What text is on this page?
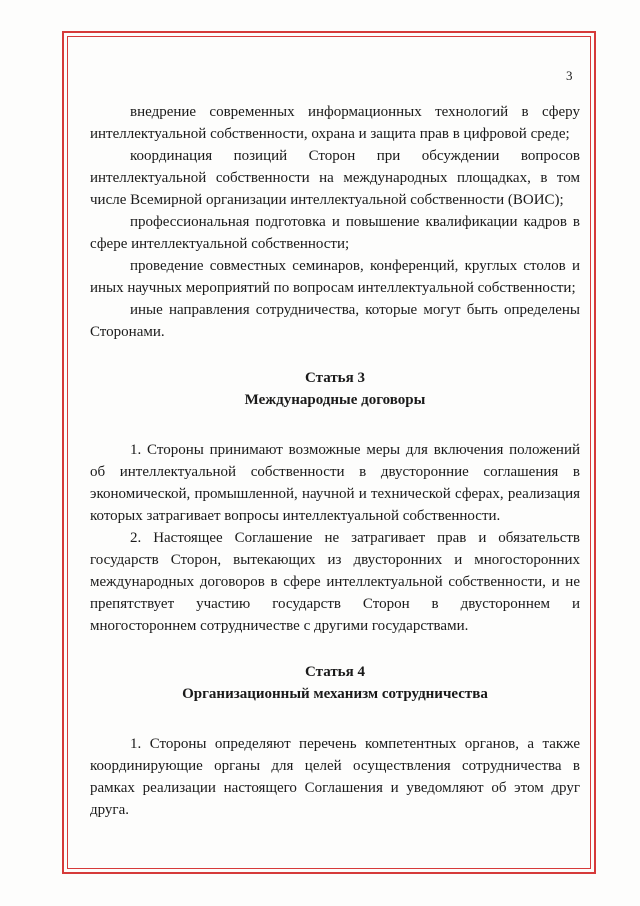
3

внедрение современных информационных технологий в сферу интеллектуальной собственности, охрана и защита прав в цифровой среде;

координация позиций Сторон при обсуждении вопросов интеллектуальной собственности на международных площадках, в том числе Всемирной организации интеллектуальной собственности (ВОИС);

профессиональная подготовка и повышение квалификации кадров в сфере интеллектуальной собственности;

проведение совместных семинаров, конференций, круглых столов и иных научных мероприятий по вопросам интеллектуальной собственности;

иные направления сотрудничества, которые могут быть определены Сторонами.

Статья 3

Международные договоры

1. Стороны принимают возможные меры для включения положений об интеллектуальной собственности в двусторонние соглашения в экономической, промышленной, научной и технической сферах, реализация которых затрагивает вопросы интеллектуальной собственности.

2. Настоящее Соглашение не затрагивает прав и обязательств государств Сторон, вытекающих из двусторонних и многосторонних международных договоров в сфере интеллектуальной собственности, и не препятствует участию государств Сторон в двустороннем и многостороннем сотрудничестве с другими государствами.

Статья 4

Организационный механизм сотрудничества

1. Стороны определяют перечень компетентных органов, а также координирующие органы для целей осуществления сотрудничества в рамках реализации настоящего Соглашения и уведомляют об этом друг друга.
